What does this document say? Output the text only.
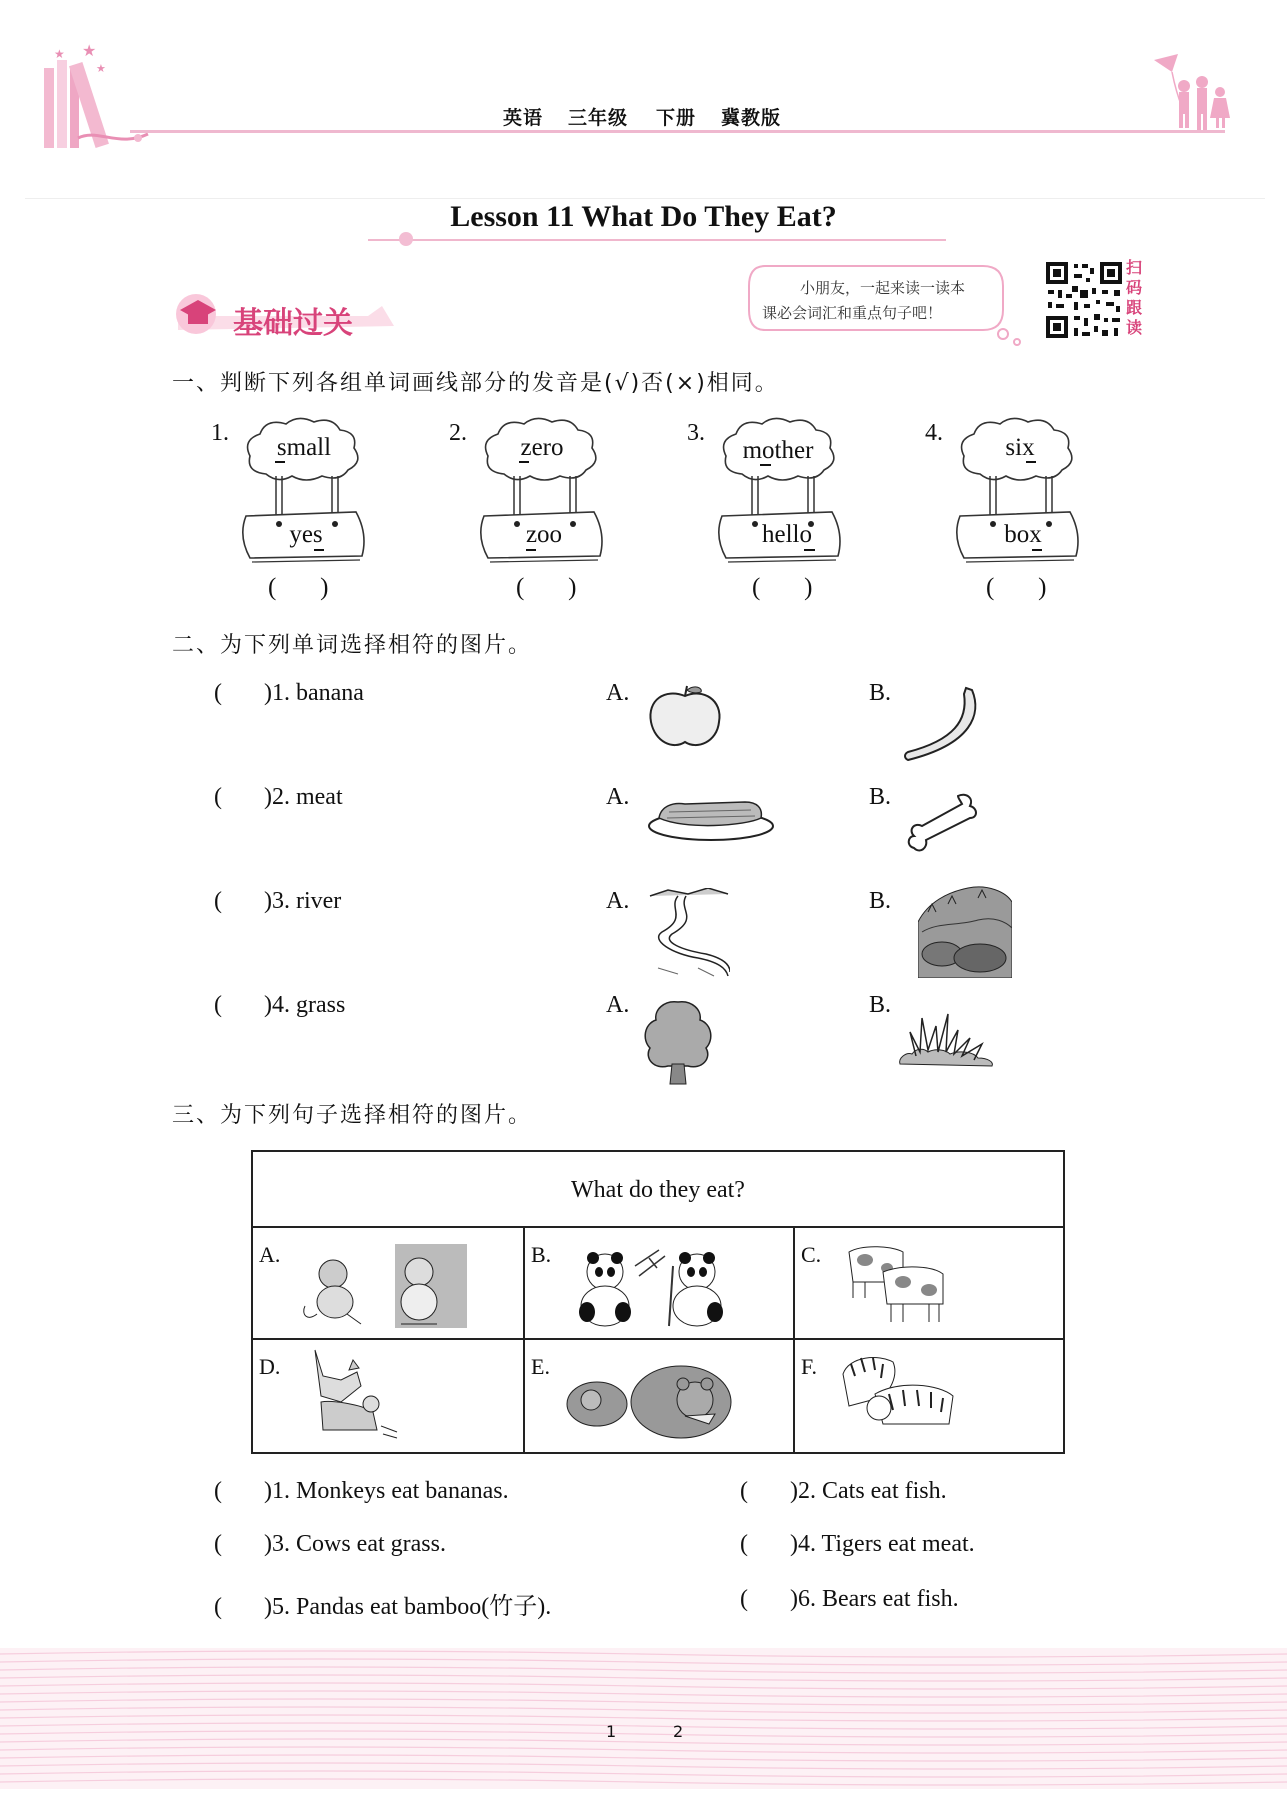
★
★
★
英语 三年级 下册 冀教版
Lesson 11 What Do They Eat?
基础过关
小朋友，一起来读一读本
课必会词汇和重点句子吧！
扫
码
跟
读
一、判断下列各组单词画线部分的发音是(√)否(×)相同。
1.
small
yes
(       )
2.
zero
zoo
(       )
3.
mother
hello
(       )
4.
six
box
(       )
二、为下列单词选择相符的图片。
(       )1. banana	A.	B.
(       )2. meat	A.	B.
(       )3. river	A.	B.
(       )4. grass	A.	B.
三、为下列句子选择相符的图片。
What do they eat?
A.	B.	C.
D.	E.	F.
(       )1. Monkeys eat bananas.	(       )2. Cats eat fish.
(       )3. Cows eat grass.	(       )4. Tigers eat meat.
(       )5. Pandas eat bamboo(竹子).	(       )6. Bears eat fish.
1	2
